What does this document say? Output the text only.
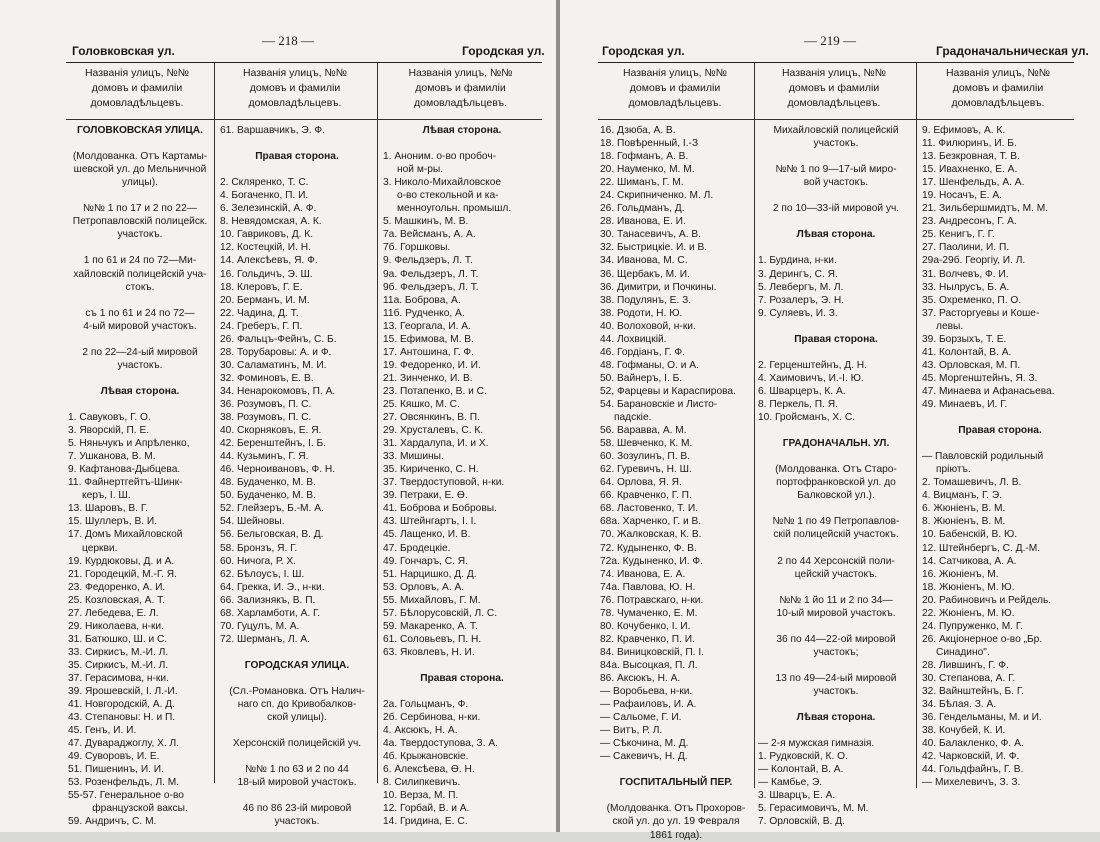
— 218 —
Головковская ул.	Городская ул.
Названія улицъ, №№
домовъ и фамиліи
домовладѣльцевъ.
Названія улицъ, №№
домовъ и фамиліи
домовладѣльцевъ.
Названія улицъ, №№
домовъ и фамиліи
домовладѣльцевъ.
ГОЛОВКОВСКАЯ УЛИЦА.
(Молдованка. Отъ Картамы-
шевской ул. до Мельничной
улицы).
№№ 1 по 17 и 2 по 22—
Петропавловскій полицейск.
участокъ.
1 по 61 и 24 по 72—Ми-
хайловскій полицейскій уча-
стокъ.
съ 1 по 61 и 24 по 72—
4-ый мировой участокъ.
2 по 22—24-ый мировой
участокъ.
Лѣвая сторона.
1. Савуковъ, Г. О.
3. Яворскій, П. Е.
5. Няньчукъ и Апрѣленко,
7. Ушканова, В. М.
9. Кафтанова-Дыбцева.
11. Файнертгейтъ-Шинк-
керъ, І. Ш.
13. Шаровъ, В. Г.
15. Шуллеръ, В. И.
17. Домъ Михайловской
церкви.
19. Курдюковы, Д. и А.
21. Городецкій, М.-Г. Я.
23. Федоренко, А. И.
25. Козловская, А. Т.
27. Лебедева, Е. Л.
29. Николаева, н-ки.
31. Батюшко, Ш. и С.
33. Сиркисъ, М.-И. Л.
35. Сиркисъ, М.-И. Л.
37. Герасимова, н-ки.
39. Ярошевскій, І. Л.-И.
41. Новгородскій, А. Д.
43. Степановы: Н. и П.
45. Генъ, И. И.
47. Дувараджоглу, Х. Л.
49. Суворовъ, И. Е.
51. Пишенинъ, И. И.
53. Розенфельдъ, Л. М.
55-57. Генеральное о-во
французской ваксы.
59. Андричъ, С. М.
61. Варшавчикъ, Э. Ф.
Правая сторона.
2. Скляренко, Т. С.
4. Богаченко, П. И.
6. Зелезинскій, А. Ф.
8. Невядомская, А. К.
10. Гавриковъ, Д. К.
12. Костецкій, И. Н.
14. Алексѣевъ, Я. Ф.
16. Гольдичъ, Э. Ш.
18. Клеровъ, Г. Е.
20. Берманъ, И. М.
22. Чадина, Д. Т.
24. Греберъ, Г. П.
26. Фальцъ-Фейнъ, С. Б.
28. Торубаровы: А. и Ф.
30. Саламатинъ, М. И.
32. Фоминовъ, Е. В.
34. Ненарокомовъ, П. А.
36. Розумовъ, П. С.
38. Розумовъ, П. С.
40. Скорняковъ, Е. Я.
42. Беренштейнъ, І. Б.
44. Кузьминъ, Г. Я.
46. Черноивановъ, Ф. Н.
48. Будаченко, М. В.
50. Будаченко, М. В.
52. Глейзеръ, Б.-М. А.
54. Шейновы.
56. Бельговская, В. Д.
58. Бронзъ, Я. Г.
60. Ничога, Р. Х.
62. Бѣлоусъ, І. Ш.
64. Грекка, И. Э., н-ки.
66. Зализнякъ, В. П.
68. Харламботи, А. Г.
70. Гуцулъ, М. А.
72. Шерманъ, Л. А.
ГОРОДСКАЯ УЛИЦА.
(Сл.-Романовка. Отъ Налич-
наго сп. до Кривобалков-
ской улицы).
Херсонскій полицейскій уч.
№№ 1 по 63 и 2 по 44
18-ый мировой участокъ.
46 по 86 23-ій мировой
участокъ.
Лѣвая сторона.
1. Аноним. о-во пробоч-
ной м-ры.
3. Николо-Михайловское
о-во стекольной и ка-
менноугольн. промышл.
5. Машкинъ, М. В.
7а. Вейсманъ, А. А.
7б. Горшковы.
9. Фельдзеръ, Л. Т.
9а. Фельдзеръ, Л. Т.
9б. Фельдзеръ, Л. Т.
11а. Боброва, А.
11б. Рудченко, А.
13. Георгала, И. А.
15. Ефимова, М. В.
17. Антошина, Г. Ф.
19. Федоренко, И. И.
21. Зинченко, И. В.
23. Потапенко, В. и С.
25. Кяшко, М. С.
27. Овсянкинъ, В. П.
29. Хрусталевъ, С. К.
31. Хардалупа, И. и Х.
33. Мишины.
35. Кириченко, С. Н.
37. Твердоступовой, н-ки.
39. Петраки, Е. Ѳ.
41. Боброва и Бобровы.
43. Штейнгартъ, І. І.
45. Лащенко, И. В.
47. Бродецкіе.
49. Гончаръ, С. Я.
51. Нарцишко, Д. Д.
53. Орловъ, А. А.
55. Михайловъ, Г. М.
57. Бѣлорусовскій, Л. С.
59. Макаренко, А. Т.
61. Соловьевъ, П. Н.
63. Яковлевъ, Н. И.
Правая сторона.
2а. Гольцманъ, Ф.
2б. Сербинова, н-ки.
4. Аксюкъ, Н. А.
4а. Твердоступова, З. А.
4б. Крыжановскіе.
6. Алексѣева, Ѳ. Н.
8. Силипкевичъ.
10. Верза, М. П.
12. Горбай, В. и А.
14. Гридина, Е. С.
— 219 —
Городская ул.	Градоначальническая ул.
Названія улицъ, №№
домовъ и фамиліи
домовладѣльцевъ.
Названія улицъ, №№
домовъ и фамиліи
домовладѣльцевъ.
Названія улицъ, №№
домовъ и фамиліи
домовладѣльцевъ.
16. Дзюба, А. В.
18. Повѣренный, І.-З
18. Гофманъ, А. В.
20. Науменко, М. М.
22. Шиманъ, Г. М.
24. Скрипниченко. М. Л.
26. Гольдманъ, Д.
28. Иванова, Е. И.
30. Танасевичъ, А. В.
32. Быстрицкіе. И. и В.
34. Иванова, М. С.
36. Щербакъ, М. И.
36. Димитри, и Почкины.
38. Подулянъ, Е. З.
38. Родоти, Н. Ю.
40. Волоховой, н-ки.
44. Лохвицкій.
46. Гордіанъ, Г. Ф.
48. Гофманы, О. и А.
50. Вайнеръ, І. Б.
52, Фарцевы и Караспирова.
54. Барановскіе и Листо-
падскіе.
56. Варавва, А. М.
58. Шевченко, К. М.
60. Зозулинъ, П. В.
62. Гуревичъ, Н. Ш.
64. Орлова, Я. Я.
66. Кравченко, Г. П.
68. Ластовенко, Т. И.
68а. Харченко, Г. и В.
70. Жалковская, К. В.
72. Кудыненко, Ф. В.
72а. Кудыненко, И. Ф.
74. Иванова, Е. А.
74а. Павлова, Ю. Н.
76. Потравскаго, н-ки.
78. Чумаченко, Е. М.
80. Кочубенко, І. И.
82. Кравченко, П. И.
84. Виницковскій, П. І.
84а. Высоцкая, П. Л.
86. Аксюкъ, Н. А.
— Воробьева, н-ки.
— Рафаиловъ, И. А.
— Сальоме, Г. И.
— Витъ, Р. Л.
— Сѣкочина, М. Д.
— Сакевичъ, Н. Д.
ГОСПИТАЛЬНЫЙ ПЕР.
(Молдованка. Отъ Прохоров-
ской ул. до ул. 19 Февраля
1861 года).
Михайловскій полицейскій
участокъ.
№№ 1 по 9—17-ый миро-
вой участокъ.
2 по 10—33-ій мировой уч.
Лѣвая сторона.
1. Бурдина, н-ки.
3. Дерингъ, С. Я.
5. Левбергъ, М. Л.
7. Розалеръ, Э. Н.
9. Суляевъ, И. З.
Правая сторона.
2. Герценштейнъ, Д. Н.
4. Хаимовичъ, И.-І. Ю.
6. Шварцеръ, К. А.
8. Перкель, П. Я.
10. Гройсманъ, Х. С.
ГРАДОНАЧАЛЬН. УЛ.
(Молдованка. Отъ Старо-
портофранковской ул. до
Балковской ул.).
№№ 1 по 49 Петропавлов-
скій полицейскій участокъ.
2 по 44 Херсонскій поли-
цейскій участокъ.
№№ 1 йо 11 и 2 по 34—
10-ый мировой участокъ.
36 по 44—22-ой мировой
участокъ;
13 по 49—24-ый мировой
участокъ.
Лѣвая сторона.
— 2-я мужская гимназія.
1. Рудковскій, К. О.
— Колонтай, В. А.
— Камбье, Э.
3. Шварцъ, Е. А.
5. Герасимовичъ, М. М.
7. Орловскій, В. Д.
9. Ефимовъ, А. К.
11. Филюринъ, И. Б.
13. Безкровная, Т. В.
15. Ивахненко, Е. А.
17. Шенфельдъ, А. А.
19. Носачъ, Е. А.
21. Зильбершмидтъ, М. М.
23. Андресонъ, Г. А.
25. Кенигъ, Г. Г.
27. Паолини, И. П.
29а-29б. Георгіу, И. Л.
31. Волчевъ, Ф. И.
33. Нылрусъ, Б. А.
35. Охременко, П. О.
37. Расторгуевы и Коше-
левы.
39. Борзыхъ, Т. Е.
41. Колонтай, В. А.
43. Орловская, М. П.
45. Моргенштейнъ, Я. З.
47. Минаева и Афанасьева.
49. Минаевъ, И. Г.
Правая сторона.
— Павловскій родильный
пріютъ.
2. Томашевичъ, Л. В.
4. Вицманъ, Г. Э.
6. Жюніенъ, В. М.
8. Жюніенъ, В. М.
10. Бабенскій, В. Ю.
12. Штейнбергъ, С. Д.-М.
14. Сатчикова, А. А.
16. Жюніенъ, М.
18. Жюніенъ, М. Ю.
20. Рабиновичъ и Рейдель.
22. Жюніенъ, М. Ю.
24. Пупруженко, М. Г.
26. Акціонерное о-во „Бр.
Синадино".
28. Лившинъ, Г. Ф.
30. Степанова, А. Г.
32. Вайнштейнъ, Б. Г.
34. Бѣлая. З. А.
36. Гендельманы, М. и И.
38. Кочубей, К. И.
40. Балакленко, Ф. А.
42. Чарковскій, И. Ф.
44. Гольдфайнъ, Г. В.
— Михелевичъ, З. З.
